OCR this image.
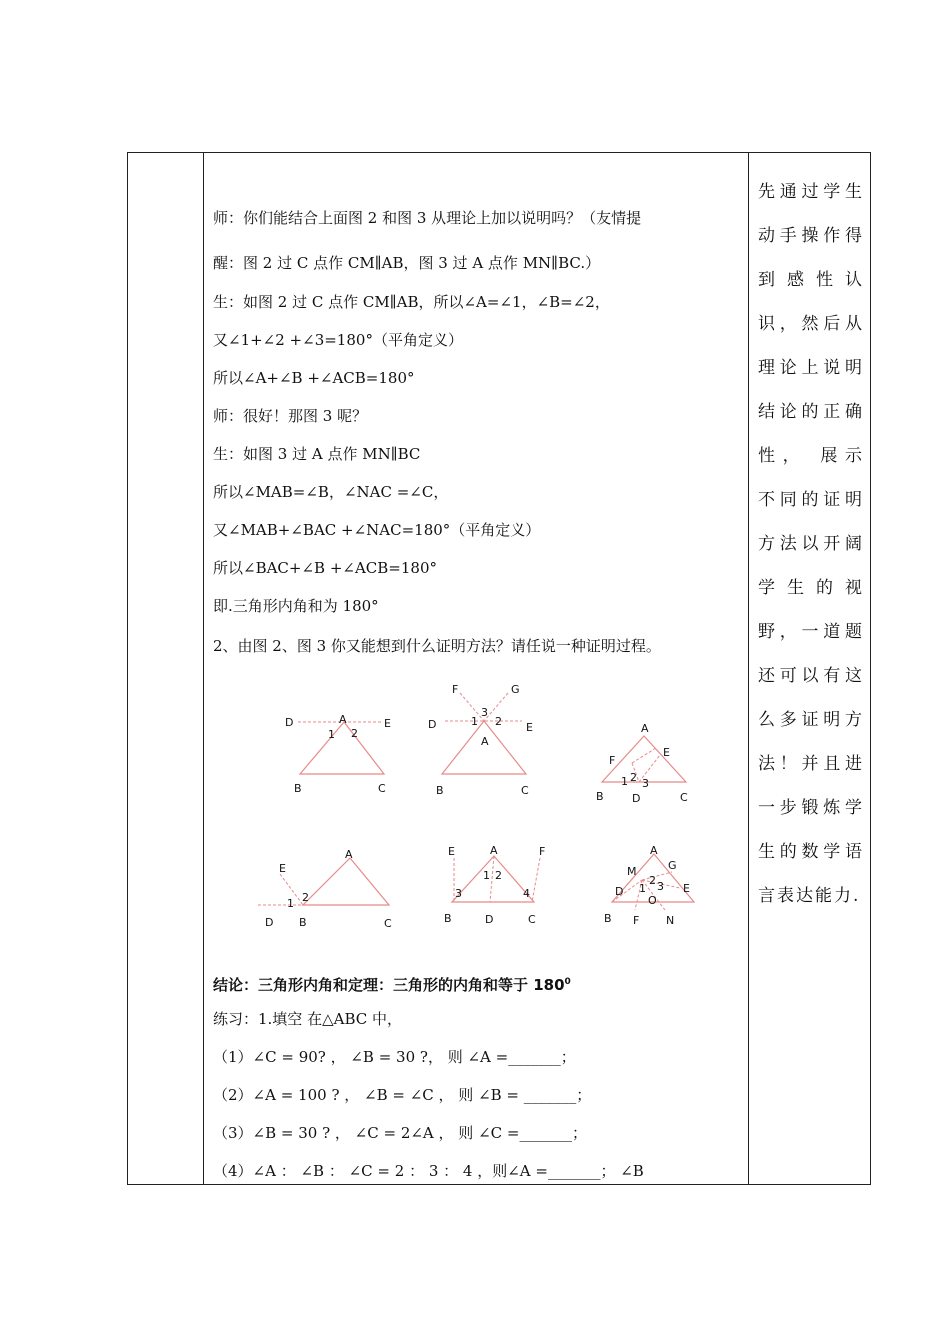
师：你们能结合上面图 2 和图 3 从理论上加以说明吗？（友情提
醒：图 2 过 C 点作 CM∥AB，图 3 过 A 点作 MN∥BC.）
生：如图 2 过 C 点作 CM∥AB，所以∠A=∠1，∠B=∠2，
又∠1+∠2 +∠3=180°（平角定义）
所以∠A+∠B +∠ACB=180°
师：很好！那图 3 呢？
生：如图 3 过 A 点作 MN∥BC
所以∠MAB=∠B，∠NAC =∠C，
又∠MAB+∠BAC +∠NAC=180°（平角定义）
所以∠BAC+∠B +∠ACB=180°
即.三角形内角和为 180°
2、由图 2、图 3 你又能想到什么证明方法？请任说一种证明过程。
D	A	E
1 2
B	C
F	G
D	1
3
2 E
A
B	C
A
E
F
1 2 3
B	D	C
E
A
1 2
D B	C
E	A	F
1 2
3	4
B	D	C
A
M	G
1
2 3
D	E
O
B F N
结论：三角形内角和定理：三角形的内角和等于 $180^0$
练习：1.填空 在△ABC 中，
（1）∠C = 90? ， ∠B = 30 ?， 则 ∠A =_______；
（2）∠A = 100 ? ， ∠B = ∠C ， 则 ∠B = _______；
（3）∠B = 30 ? ， ∠C = 2∠A ， 则 ∠C =_______；
（4）∠A ： ∠B ： ∠C = 2 ： 3 ： 4 ，则∠A =_______； ∠B
先通过学生
动手操作得
到 感 性 认
识，然后从
理论上说明
结论的正确
性， 展示
不同的证明
方法以开阔
学 生 的 视
野，一道题
还可以有这
么多证明方
法！并且进
一步锻炼学
生的数学语
言表达能力.
